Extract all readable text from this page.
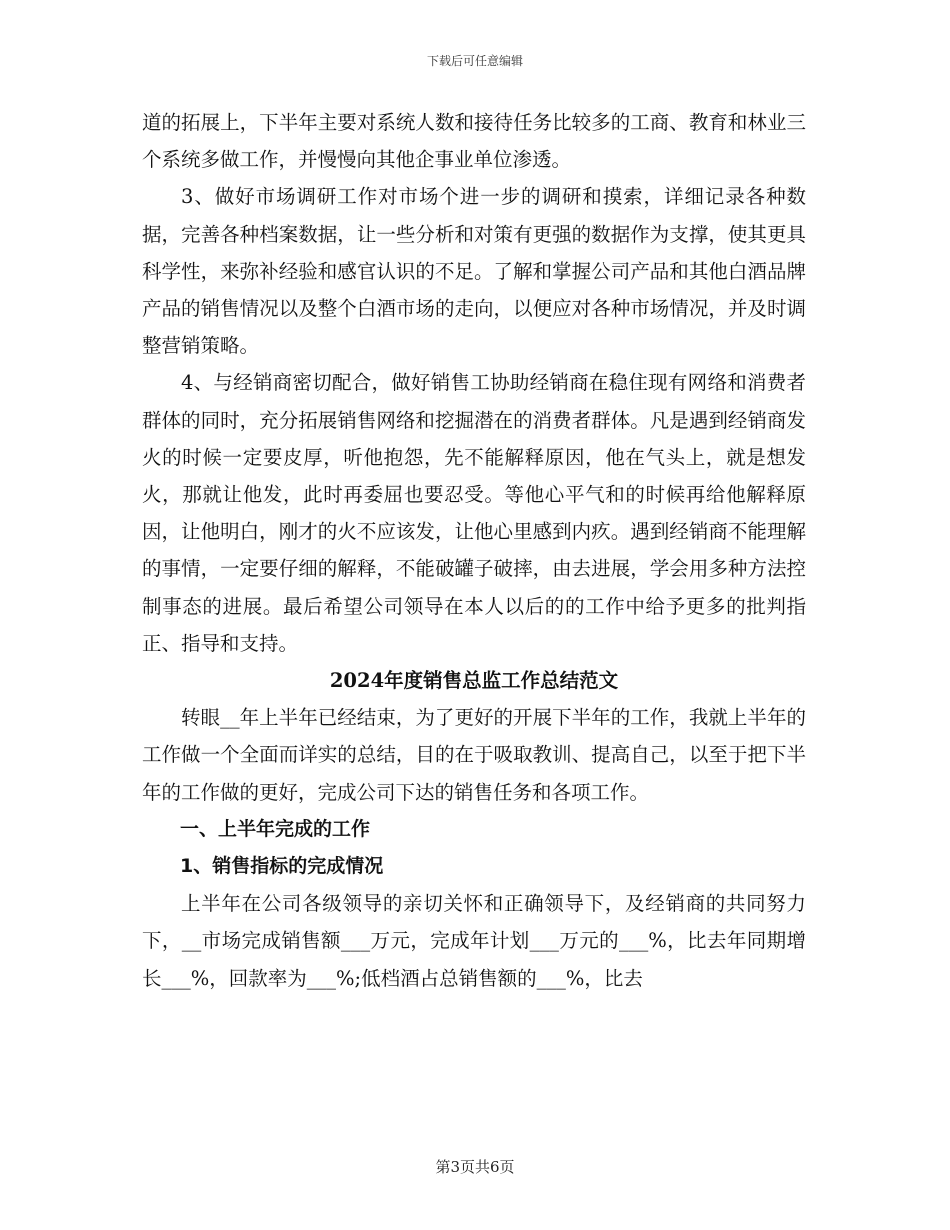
下载后可任意编辑

道的拓展上，下半年主要对系统人数和接待任务比较多的工商、教育和林业三个系统多做工作，并慢慢向其他企事业单位渗透。

3、做好市场调研工作对市场个进一步的调研和摸索，详细记录各种数据，完善各种档案数据，让一些分析和对策有更强的数据作为支撑，使其更具科学性，来弥补经验和感官认识的不足。了解和掌握公司产品和其他白酒品牌产品的销售情况以及整个白酒市场的走向，以便应对各种市场情况，并及时调整营销策略。

4、与经销商密切配合，做好销售工协助经销商在稳住现有网络和消费者群体的同时，充分拓展销售网络和挖掘潜在的消费者群体。凡是遇到经销商发火的时候一定要皮厚，听他抱怨，先不能解释原因，他在气头上，就是想发火，那就让他发，此时再委屈也要忍受。等他心平气和的时候再给他解释原因，让他明白，刚才的火不应该发，让他心里感到内疚。遇到经销商不能理解的事情，一定要仔细的解释，不能破罐子破摔，由去进展，学会用多种方法控制事态的进展。最后希望公司领导在本人以后的的工作中给予更多的批判指正、指导和支持。

2024年度销售总监工作总结范文

转眼__年上半年已经结束，为了更好的开展下半年的工作，我就上半年的工作做一个全面而详实的总结，目的在于吸取教训、提高自己，以至于把下半年的工作做的更好，完成公司下达的销售任务和各项工作。

一、上半年完成的工作

1、销售指标的完成情况

上半年在公司各级领导的亲切关怀和正确领导下，及经销商的共同努力下，__市场完成销售额___万元，完成年计划___万元的___%，比去年同期增长___%，回款率为___%;低档酒占总销售额的___%，比去

第3页共6页
